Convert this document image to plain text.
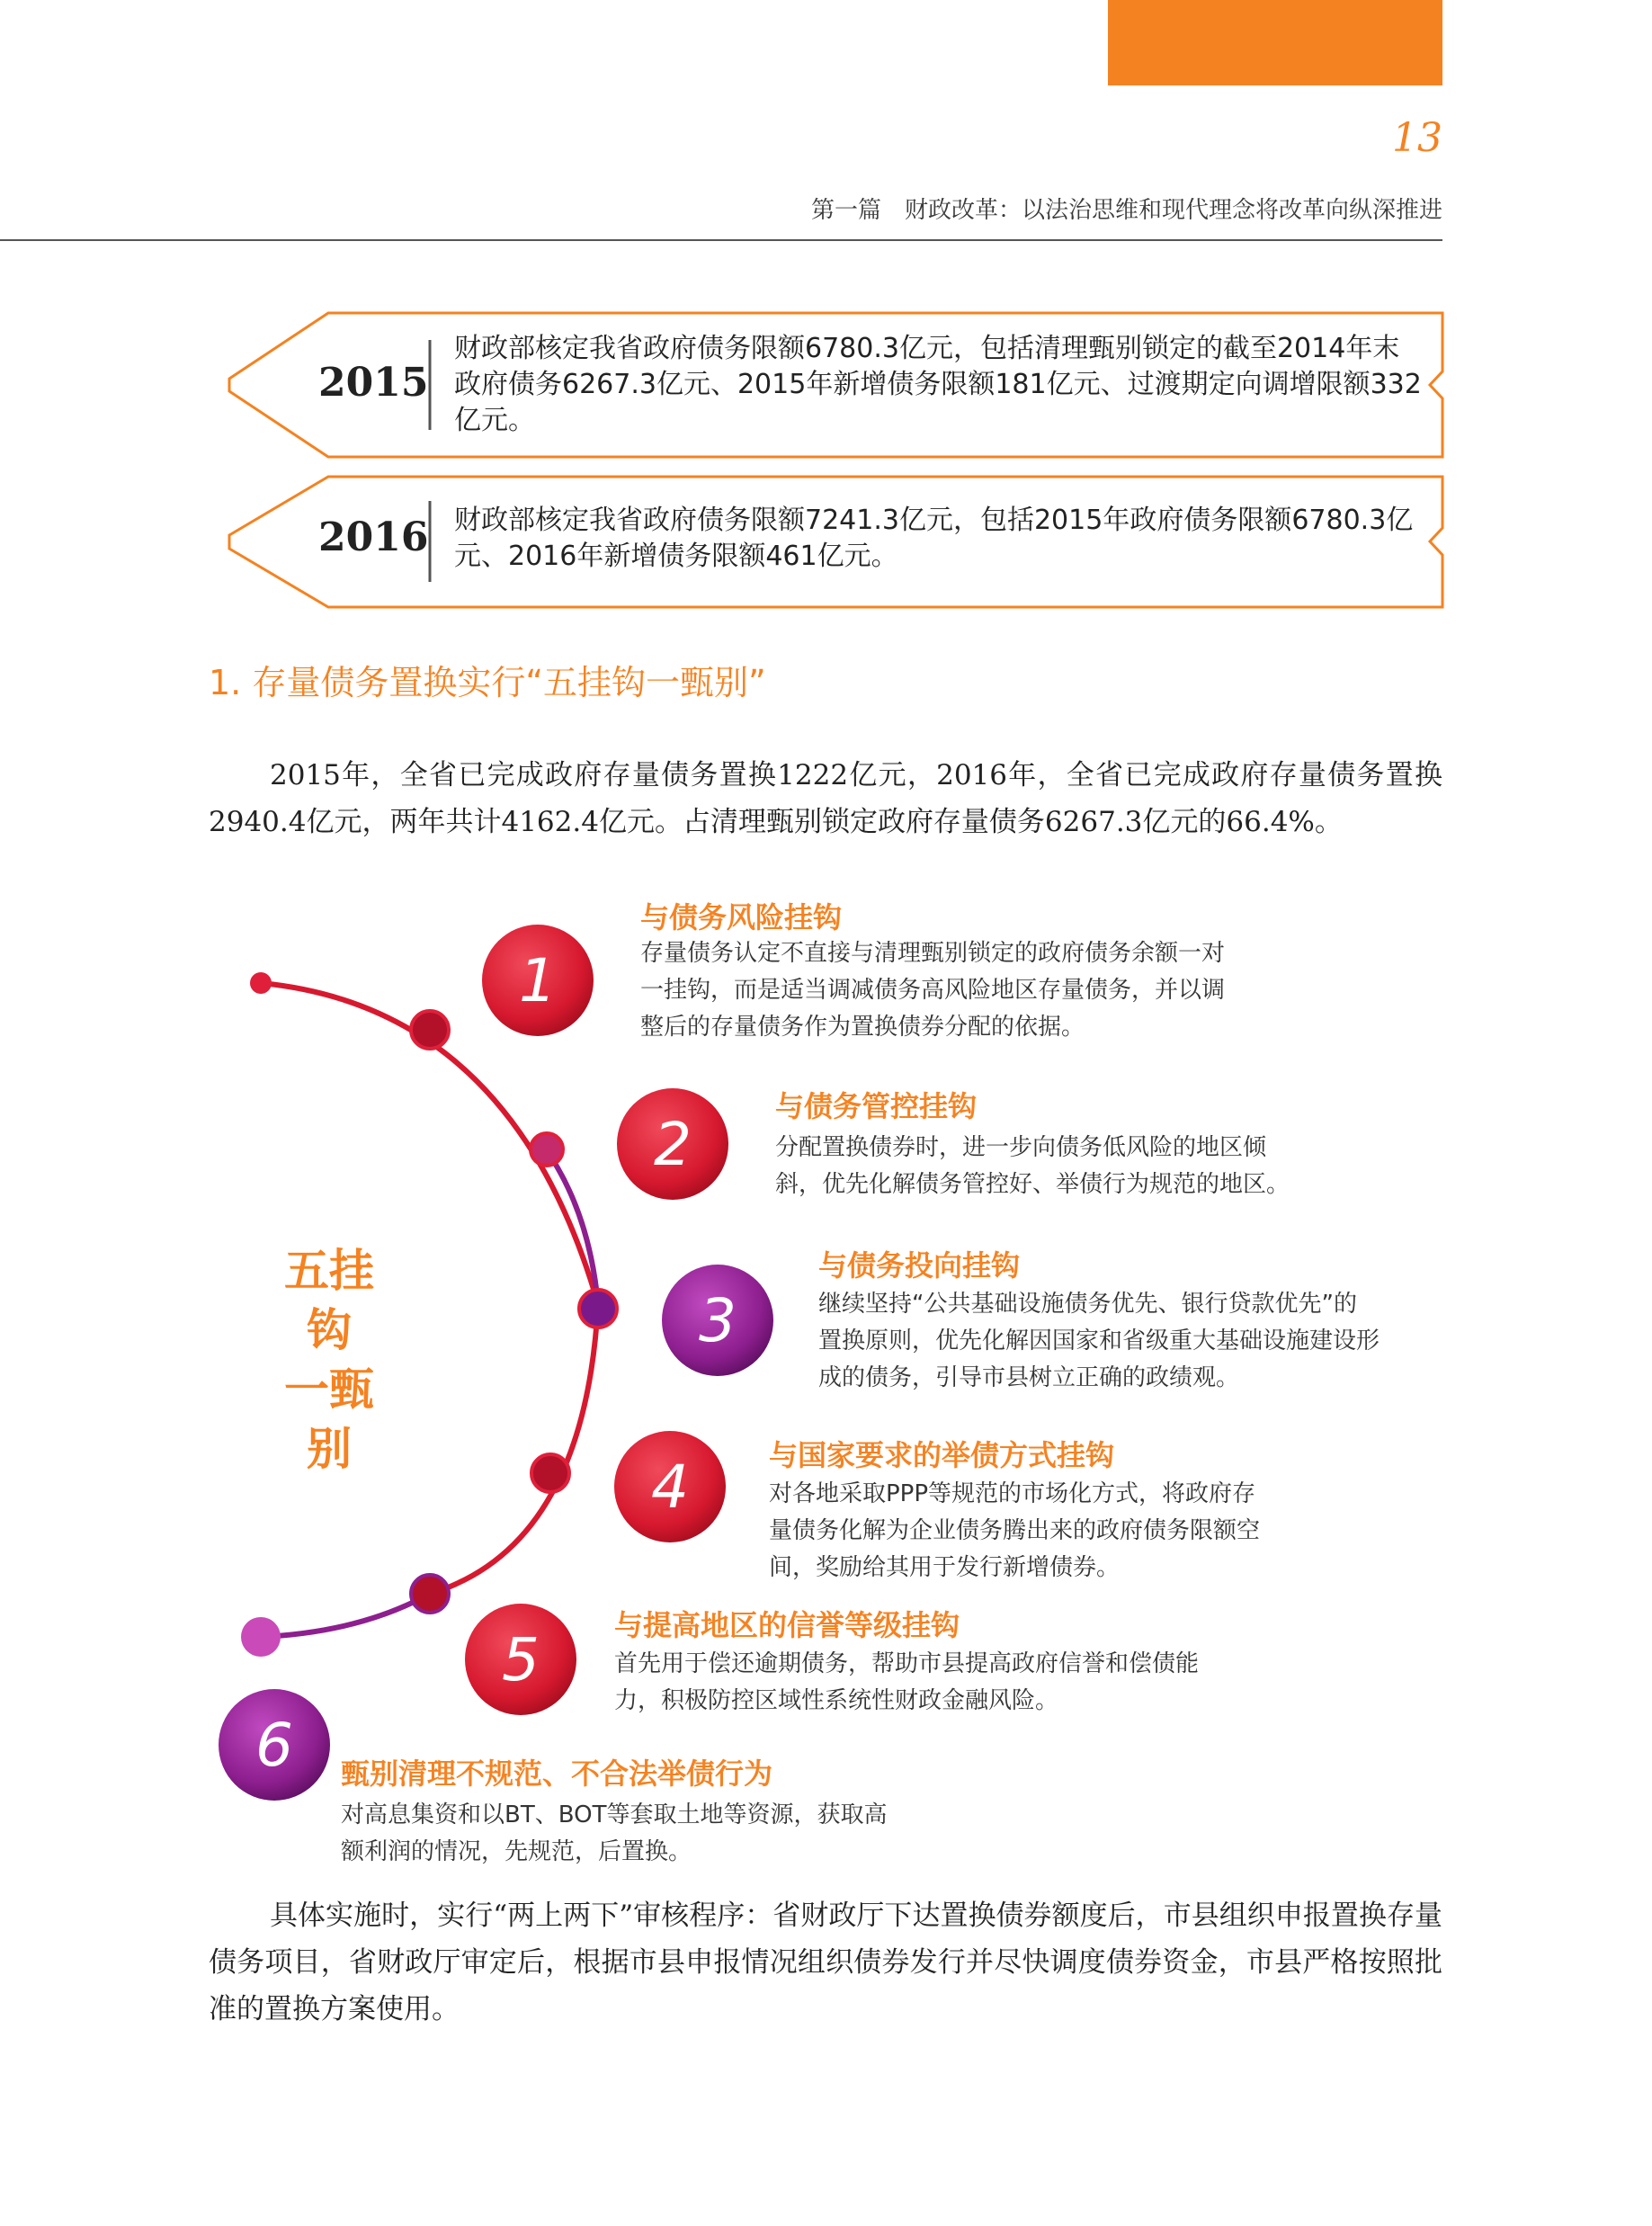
13
第一篇　财政改革：以法治思维和现代理念将改革向纵深推进
2015
财政部核定我省政府债务限额6780.3亿元，包括清理甄别锁定的截至2014年末政府债务6267.3亿元、2015年新增债务限额181亿元、过渡期定向调增限额332亿元。
2016 财政部核定我省政府债务限额7241.3亿元，包括2015年政府债务限额6780.3亿元、2016年新增债务限额461亿元。
1. 存量债务置换实行“五挂钩一甄别”
2015年，全省已完成政府存量债务置换1222亿元，2016年，全省已完成政府存量债务置换2940.4亿元，两年共计4162.4亿元。占清理甄别锁定政府存量债务6267.3亿元的66.4%。
1
2
3
4
5
6
五挂钩
一甄别
与债务风险挂钩
存量债务认定不直接与清理甄别锁定的政府债务余额一对
一挂钩，而是适当调减债务高风险地区存量债务，并以调
整后的存量债务作为置换债券分配的依据。
与债务管控挂钩
分配置换债券时，进一步向债务低风险的地区倾
斜，优先化解债务管控好、举债行为规范的地区。
与债务投向挂钩
继续坚持“公共基础设施债务优先、银行贷款优先”的
置换原则，优先化解因国家和省级重大基础设施建设形
成的债务，引导市县树立正确的政绩观。
与国家要求的举债方式挂钩
对各地采取PPP等规范的市场化方式，将政府存
量债务化解为企业债务腾出来的政府债务限额空
间，奖励给其用于发行新增债券。
与提高地区的信誉等级挂钩
首先用于偿还逾期债务，帮助市县提高政府信誉和偿债能
力，积极防控区域性系统性财政金融风险。
甄别清理不规范、不合法举债行为
对高息集资和以BT、BOT等套取土地等资源，获取高
额利润的情况，先规范，后置换。
具体实施时，实行“两上两下”审核程序：省财政厅下达置换债券额度后，市县组织申报置换存量债务项目，省财政厅审定后，根据市县申报情况组织债券发行并尽快调度债券资金，市县严格按照批准的置换方案使用。
